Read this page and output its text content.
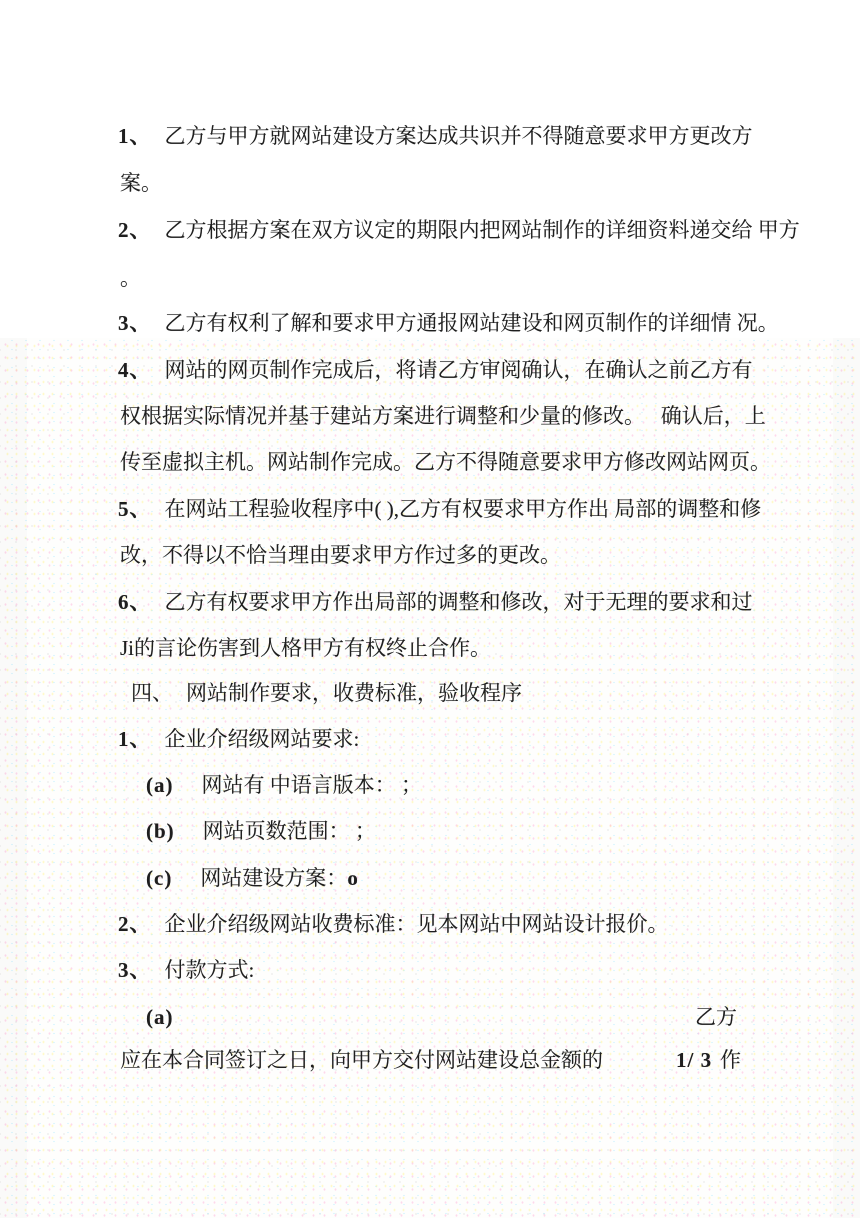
1、 乙方与甲方就网站建设方案达成共识并不得随意要求甲方更改方
案。
2、 乙方根据方案在双方议定的期限内把网站制作的详细资料递交给 甲方
。
3、 乙方有权利了解和要求甲方通报网站建设和网页制作的详细情 况。
4、 网站的网页制作完成后，将请乙方审阅确认，在确认之前乙方有
权根据实际情况并基于建站方案进行调整和少量的修改。   确认后，上
传至虚拟主机。网站制作完成。乙方不得随意要求甲方修改网站网页。
5、 在网站工程验收程序中( ),乙方有权要求甲方作出 局部的调整和修
改，不得以不恰当理由要求甲方作过多的更改。
6、 乙方有权要求甲方作出局部的调整和修改，对于无理的要求和过
Ji的言论伤害到人格甲方有权终止合作。
四、 网站制作要求，收费标准，验收程序
1、 企业介绍级网站要求:
(a) 网站有 中语言版本： ；
(b) 网站页数范围： ；
(c) 网站建设方案：o
2、 企业介绍级网站收费标准：见本网站中网站设计报价。
3、 付款方式:
(a)	乙方
应在本合同签订之日，向甲方交付网站建设总金额的	1/ 3 作
